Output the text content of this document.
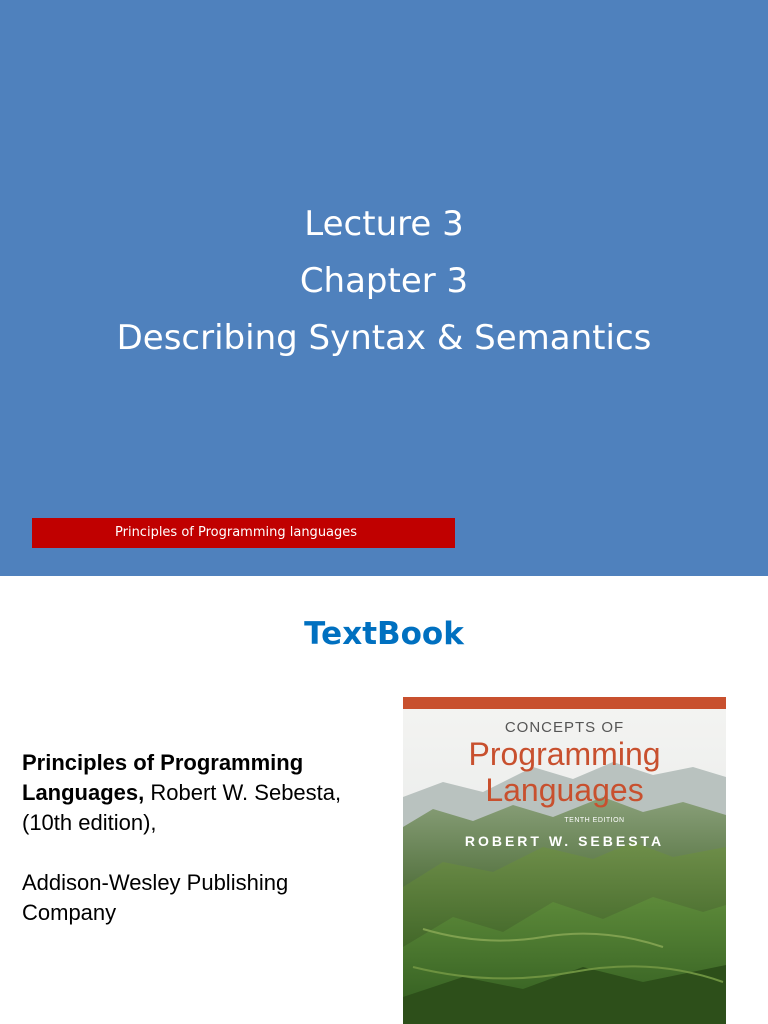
Lecture 3
Chapter 3
Describing Syntax & Semantics
Principles of Programming languages
TextBook

Principles of Programming Languages, Robert W. Sebesta, (10th edition),

Addison-Wesley Publishing Company

CONCEPTS OF
Programming
Languages
TENTH EDITION
ROBERT W. SEBESTA
